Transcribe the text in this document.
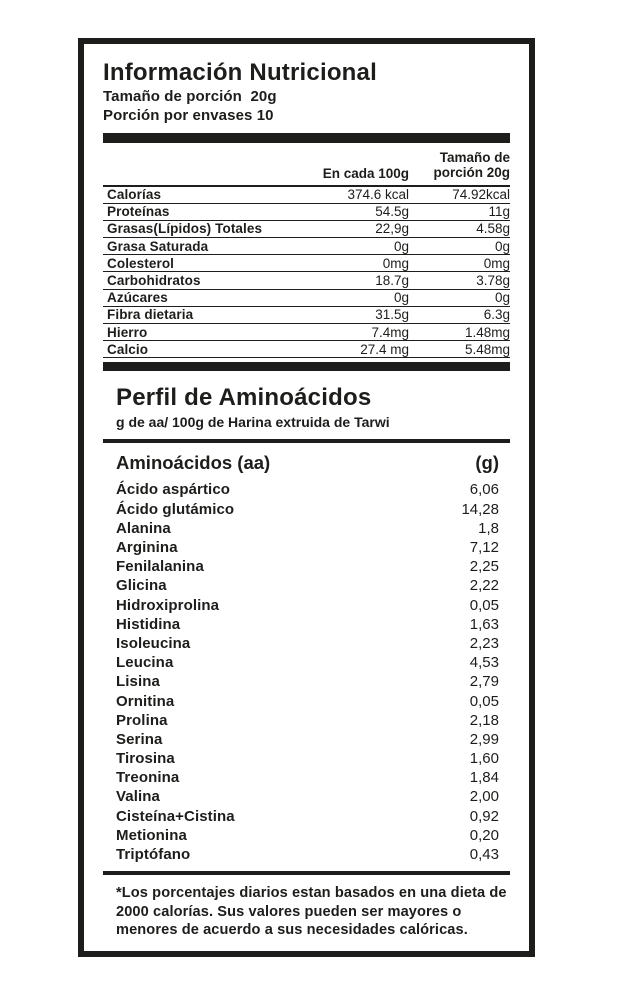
Información Nutricional
Tamaño de porción  20g
Porción por envases 10
En cada 100g
Tamaño de
porción 20g
Calorías	374.6 kcal	74.92kcal
Proteínas	54.5g	11g
Grasas(Lípidos) Totales	22,9g	4.58g
Grasa Saturada	0g	0g
Colesterol	0mg	0mg
Carbohidratos	18.7g	3.78g
Azúcares	0g	0g
Fibra dietaria	31.5g	6.3g
Hierro	7.4mg	1.48mg
Calcio	27.4 mg	5.48mg
Perfil de Aminoácidos
g de aa/ 100g de Harina extruida de Tarwi
Aminoácidos (aa)	(g)
Ácido aspártico	6,06
Ácido glutámico	14,28
Alanina	1,8
Arginina	7,12
Fenilalanina	2,25
Glicina	2,22
Hidroxiprolina	0,05
Histidina	1,63
Isoleucina	2,23
Leucina	4,53
Lisina	2,79
Ornitina	0,05
Prolina	2,18
Serina	2,99
Tirosina	1,60
Treonina	1,84
Valina	2,00
Cisteína+Cistina	0,92
Metionina	0,20
Triptófano	0,43
*Los porcentajes diarios estan basados en una dieta de 2000 calorías. Sus valores pueden ser mayores o menores de acuerdo a sus necesidades calóricas.
